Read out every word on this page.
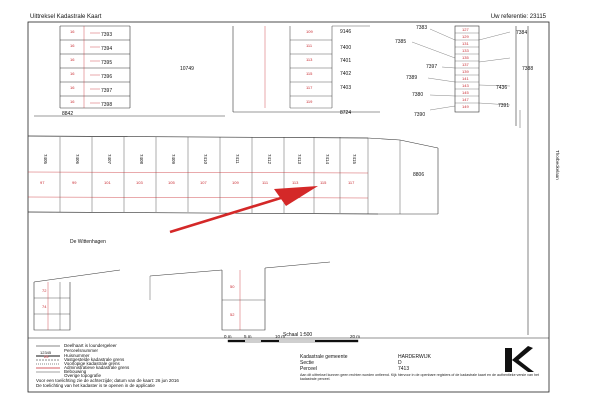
Uittreksel Kadastrale Kaart	Uw referentie: 23115
7393
16
7394
16
7395
16
7396
16
7397
16
7398
16
10749
8842
109	9146
111	7400
113	7401
115	7402
117	7403
119
8724
127
129
131
133
135
137
139
141
143
145
147
149
7383
7385
7397
7389
7380
7390
7384
7388
7436
7391
Thorbeckelaan
7405
97
7406
99
7407
101
7408
103
7409
105
7410
107
7411
109
7412
111
7413
113
7414
115
7415
117
8806
De Wittenhagen
72
74
50
52
0 m	5 m	10 m	20 m
Schaal 1:500
12345
25
Deelhaart is loundergeleer
Perceelsnummer
Huisnummer
Vastgestelde kadastrale grens
Voorlopige kadastrale grens
Administratieve kadastrale grens
Bebouwing
Overige topografie
Voor een toelichting zie de achterzijde; datum van de kaart: 26 jun 2016
De toelichting van het kadaster is te openen in de applicatie
Kadastrale gemeente	HARDERWIJK
Sectie	D
Perceel	7413
Aan dit uittreksel kunnen geen rechten worden ontleend. Kijk hiervoor in de openbare registers of de kadastrale kaart en de authentieke versie van het kadastrale perceel.
